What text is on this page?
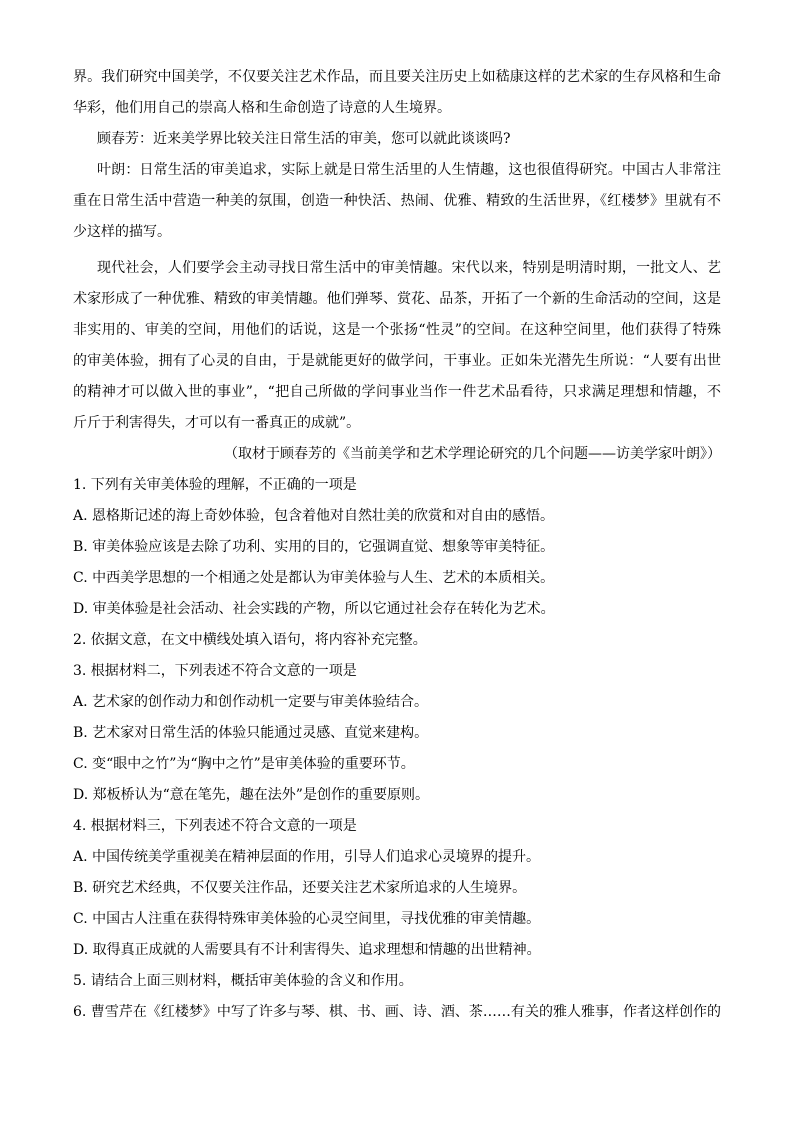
界。我们研究中国美学，不仅要关注艺术作品，而且要关注历史上如嵇康这样的艺术家的生存风格和生命
华彩，他们用自己的崇高人格和生命创造了诗意的人生境界。
顾春芳：近来美学界比较关注日常生活的审美，您可以就此谈谈吗?
叶朗：日常生活的审美追求，实际上就是日常生活里的人生情趣，这也很值得研究。中国古人非常注
重在日常生活中营造一种美的氛围，创造一种快活、热闹、优雅、精致的生活世界，《红楼梦》里就有不
少这样的描写。
现代社会，人们要学会主动寻找日常生活中的审美情趣。宋代以来，特别是明清时期，一批文人、艺
术家形成了一种优雅、精致的审美情趣。他们弹琴、赏花、品茶，开拓了一个新的生命活动的空间，这是
非实用的、审美的空间，用他们的话说，这是一个张扬“性灵”的空间。在这种空间里，他们获得了特殊
的审美体验，拥有了心灵的自由，于是就能更好的做学问，干事业。正如朱光潜先生所说：“人要有出世
的精神才可以做入世的事业”，“把自己所做的学问事业当作一件艺术品看待，只求满足理想和情趣，不
斤斤于利害得失，才可以有一番真正的成就”。
（取材于顾春芳的《当前美学和艺术学理论研究的几个问题——访美学家叶朗》）
1. 下列有关审美体验的理解，不正确的一项是
A. 恩格斯记述的海上奇妙体验，包含着他对自然壮美的欣赏和对自由的感悟。
B. 审美体验应该是去除了功利、实用的目的，它强调直觉、想象等审美特征。
C. 中西美学思想的一个相通之处是都认为审美体验与人生、艺术的本质相关。
D. 审美体验是社会活动、社会实践的产物，所以它通过社会存在转化为艺术。
2. 依据文意，在文中横线处填入语句，将内容补充完整。
3. 根据材料二，下列表述不符合文意的一项是
A. 艺术家的创作动力和创作动机一定要与审美体验结合。
B. 艺术家对日常生活的体验只能通过灵感、直觉来建构。
C. 变“眼中之竹”为“胸中之竹”是审美体验的重要环节。
D. 郑板桥认为“意在笔先，趣在法外”是创作的重要原则。
4. 根据材料三，下列表述不符合文意的一项是
A. 中国传统美学重视美在精神层面的作用，引导人们追求心灵境界的提升。
B. 研究艺术经典，不仅要关注作品，还要关注艺术家所追求的人生境界。
C. 中国古人注重在获得特殊审美体验的心灵空间里，寻找优雅的审美情趣。
D. 取得真正成就的人需要具有不计利害得失、追求理想和情趣的出世精神。
5. 请结合上面三则材料，概括审美体验的含义和作用。
6. 曹雪芹在《红楼梦》中写了许多与琴、棋、书、画、诗、酒、茶……有关的雅人雅事，作者这样创作的
